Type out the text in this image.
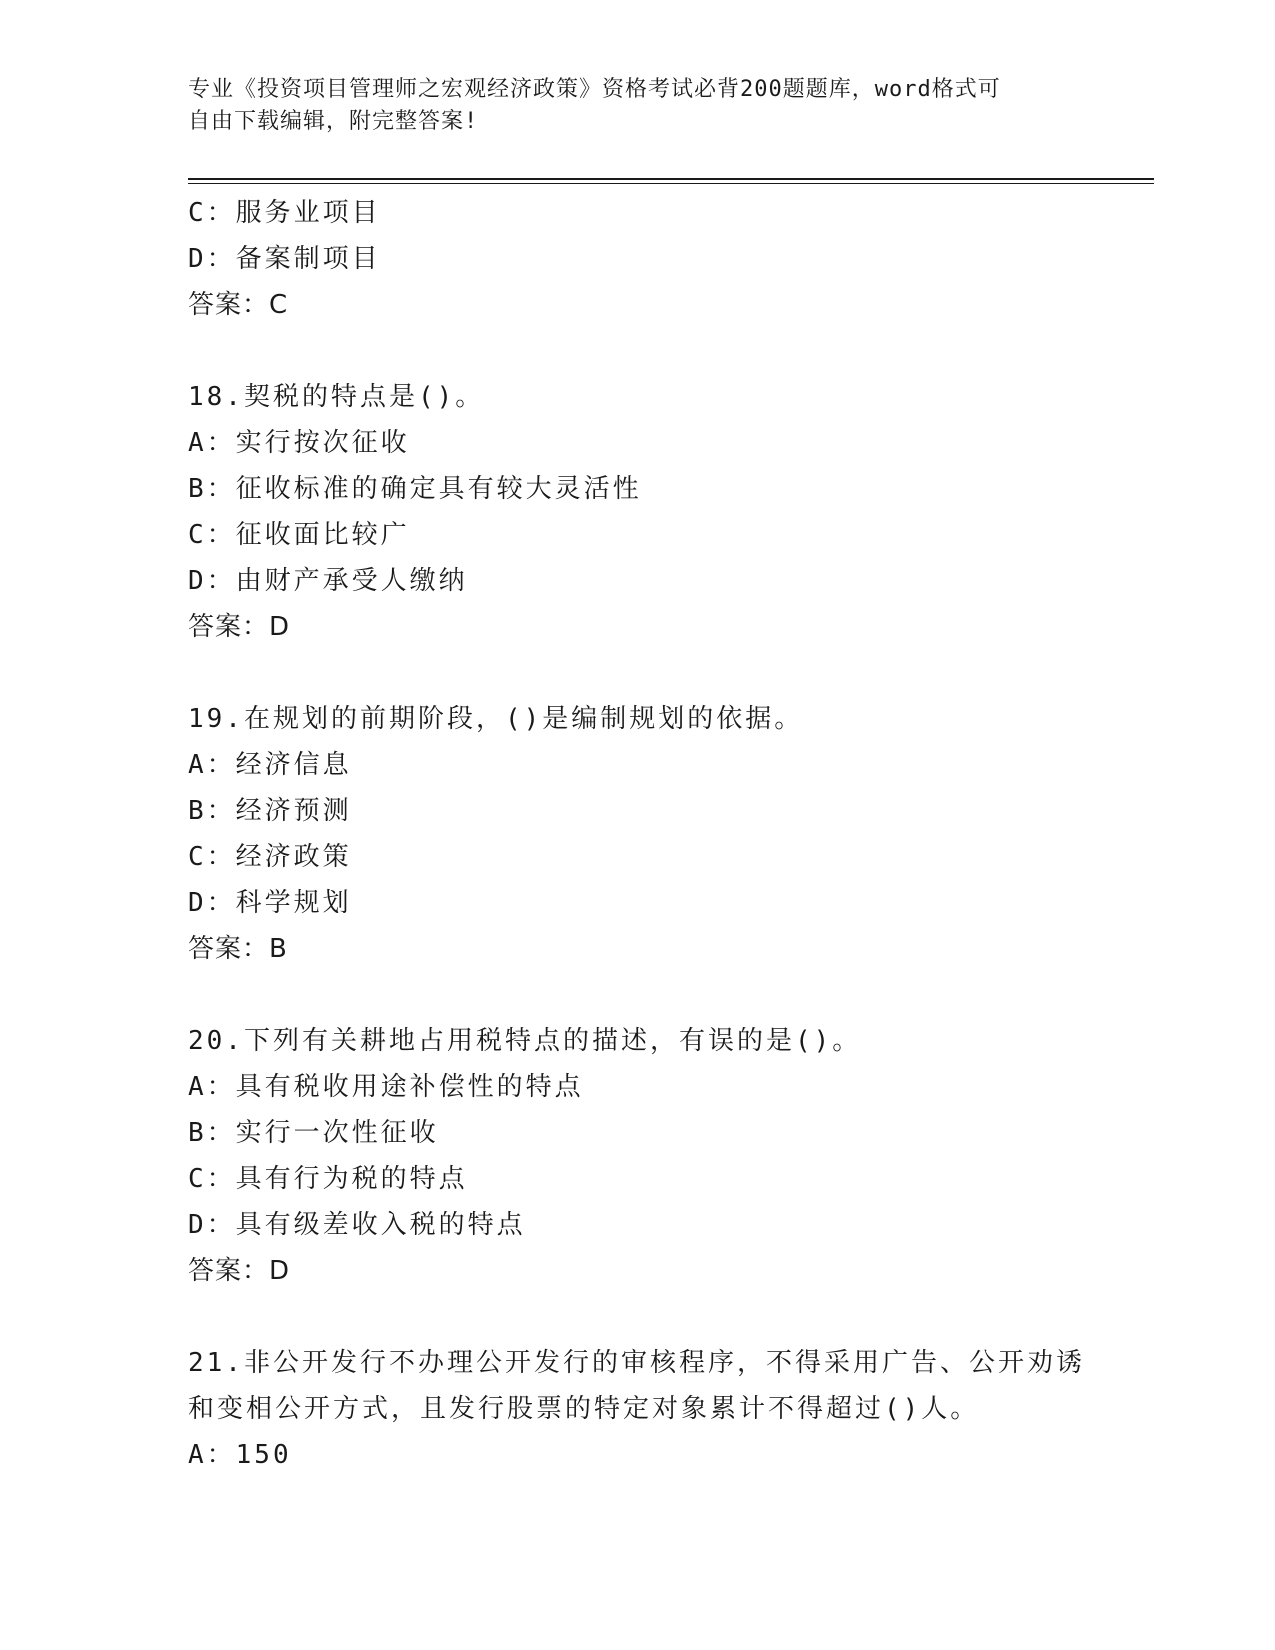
专业《投资项目管理师之宏观经济政策》资格考试必背200题题库，word格式可
自由下载编辑，附完整答案!
C：服务业项目
D：备案制项目
答案：C
18.契税的特点是()。
A：实行按次征收
B：征收标准的确定具有较大灵活性
C：征收面比较广
D：由财产承受人缴纳
答案：D
19.在规划的前期阶段，()是编制规划的依据。
A：经济信息
B：经济预测
C：经济政策
D：科学规划
答案：B
20.下列有关耕地占用税特点的描述，有误的是()。
A：具有税收用途补偿性的特点
B：实行一次性征收
C：具有行为税的特点
D：具有级差收入税的特点
答案：D
21.非公开发行不办理公开发行的审核程序，不得采用广告、公开劝诱
和变相公开方式，且发行股票的特定对象累计不得超过()人。
A：150
